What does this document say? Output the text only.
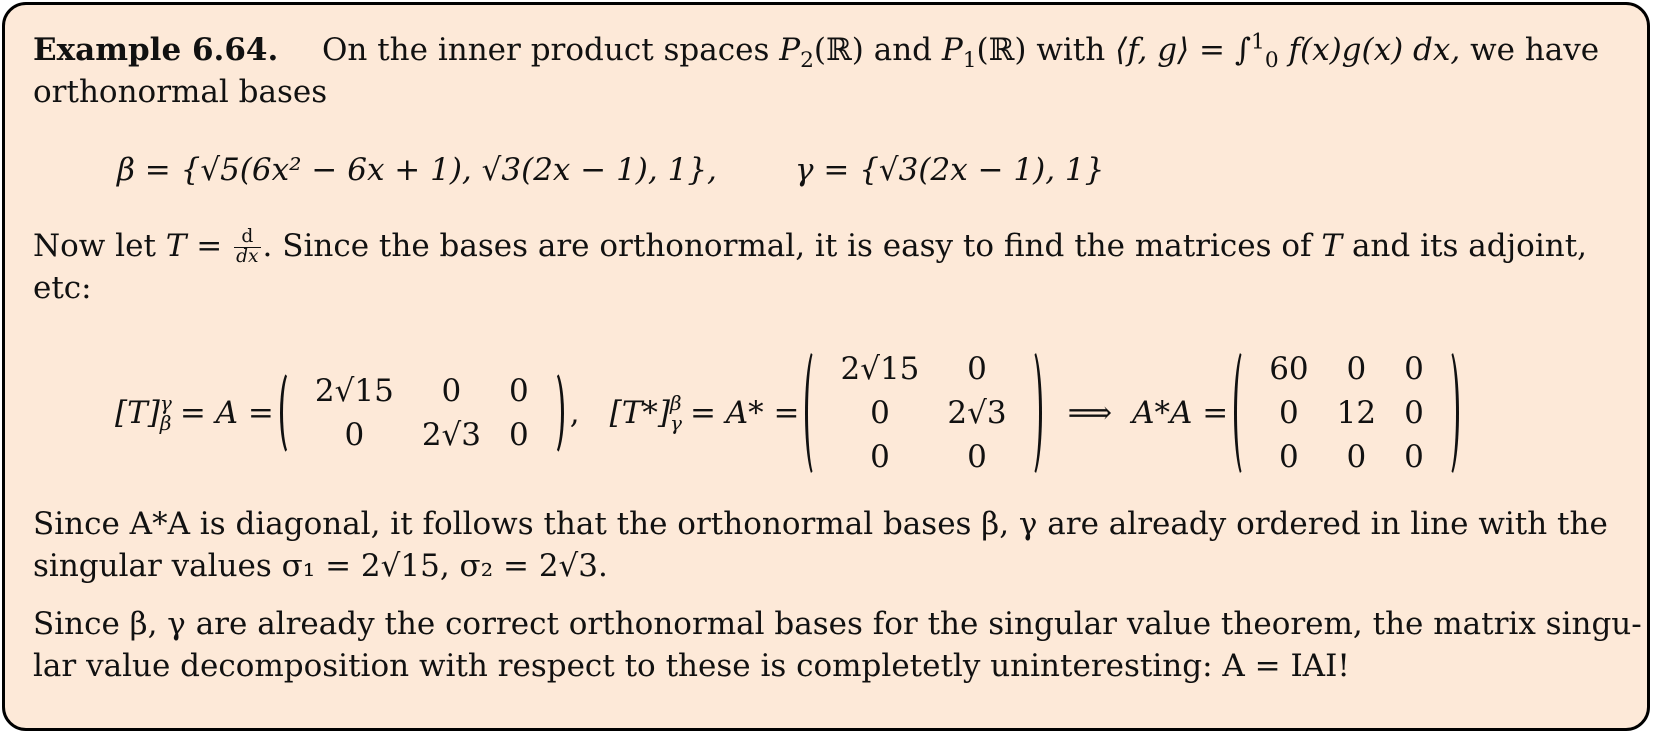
Example 6.64. On the inner product spaces $P_2(ℝ)$ and $P_1(ℝ)$ with ⟨f, g⟩ = ∫$^1_0$ f(x)g(x) dx, we have
orthonormal bases
β = {√5(6x² − 6x + 1), √3(2x − 1), 1},	γ = {√3(2x − 1), 1}
Now let $T = \frac{d}{dx}$ . Since the bases are orthonormal, it is easy to find the matrices of T and its adjoint,
etc:
[T] γ
β = A =
2√15	0	0
0	2√3	0
, [T*] β
γ = A* =
2√15	0
0	2√3
0	0
⟹ A*A =
60	0	0
0	12	0
0	0	0
Since A*A is diagonal, it follows that the orthonormal bases β, γ are already ordered in line with the
singular values σ₁ = 2√15, σ₂ = 2√3.
Since β, γ are already the correct orthonormal bases for the singular value theorem, the matrix singu-
lar value decomposition with respect to these is completetly uninteresting: A = IAI!
